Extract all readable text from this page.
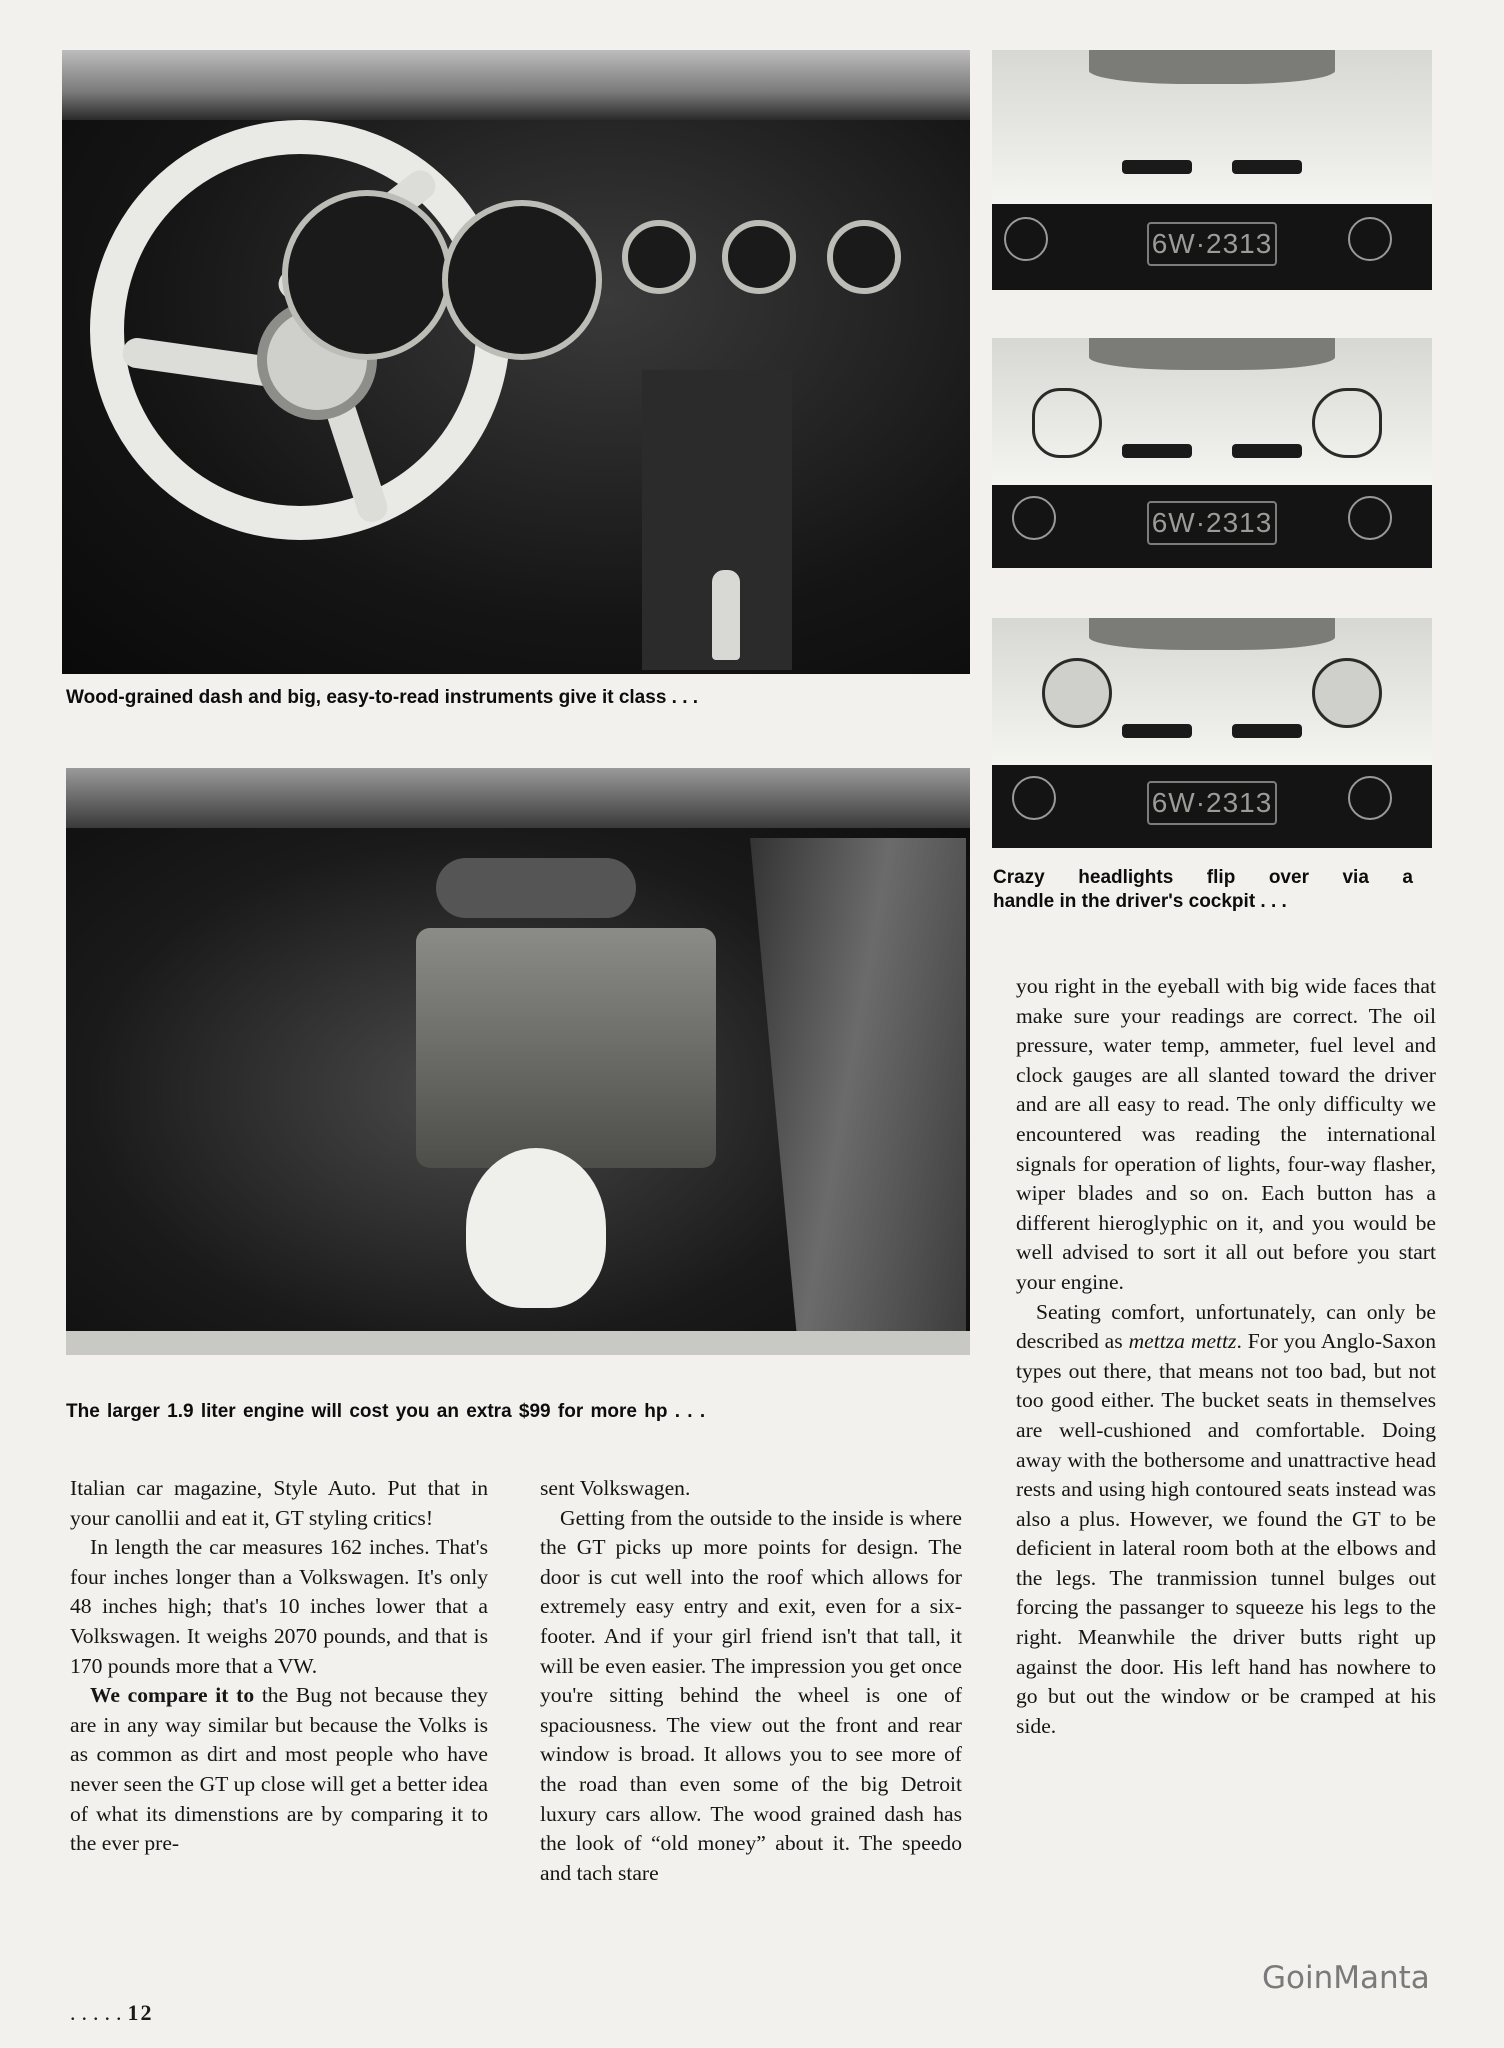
Wood-grained dash and big, easy-to-read instruments give it class . . .
6W·2313
6W·2313
6W·2313
Crazy headlights flip over via a
handle in the driver's cockpit . . .
The larger 1.9 liter engine will cost you an extra $99 for more hp . . .

Italian car magazine, Style Auto. Put that in your canollii and eat it, GT styling critics!

In length the car measures 162 inches. That's four inches longer than a Volkswagen. It's only 48 inches high; that's 10 inches lower that a Volkswagen. It weighs 2070 pounds, and that is 170 pounds more that a VW.

We compare it to the Bug not because they are in any way similar but because the Volks is as common as dirt and most people who have never seen the GT up close will get a better idea of what its dimenstions are by comparing it to the ever pre-

sent Volkswagen.

Getting from the outside to the inside is where the GT picks up more points for design. The door is cut well into the roof which allows for extremely easy entry and exit, even for a six-footer. And if your girl friend isn't that tall, it will be even easier. The impression you get once you're sitting behind the wheel is one of spaciousness. The view out the front and rear window is broad. It allows you to see more of the road than even some of the big Detroit luxury cars allow. The wood grained dash has the look of “old money” about it. The speedo and tach stare

you right in the eyeball with big wide faces that make sure your readings are correct. The oil pressure, water temp, ammeter, fuel level and clock gauges are all slanted toward the driver and are all easy to read. The only difficulty we encountered was reading the international signals for operation of lights, four-way flasher, wiper blades and so on. Each button has a different hieroglyphic on it, and you would be well advised to sort it all out before you start your engine.

Seating comfort, unfortunately, can only be described as mettza mettz. For you Anglo-Saxon types out there, that means not too bad, but not too good either. The bucket seats in themselves are well-cushioned and comfortable. Doing away with the bothersome and unattractive head rests and using high contoured seats instead was also a plus. However, we found the GT to be deficient in lateral room both at the elbows and the legs. The tranmission tunnel bulges out forcing the passanger to squeeze his legs to the right. Meanwhile the driver butts right up against the door. His left hand has nowhere to go but out the window or be cramped at his side.

.....12
GoinManta
